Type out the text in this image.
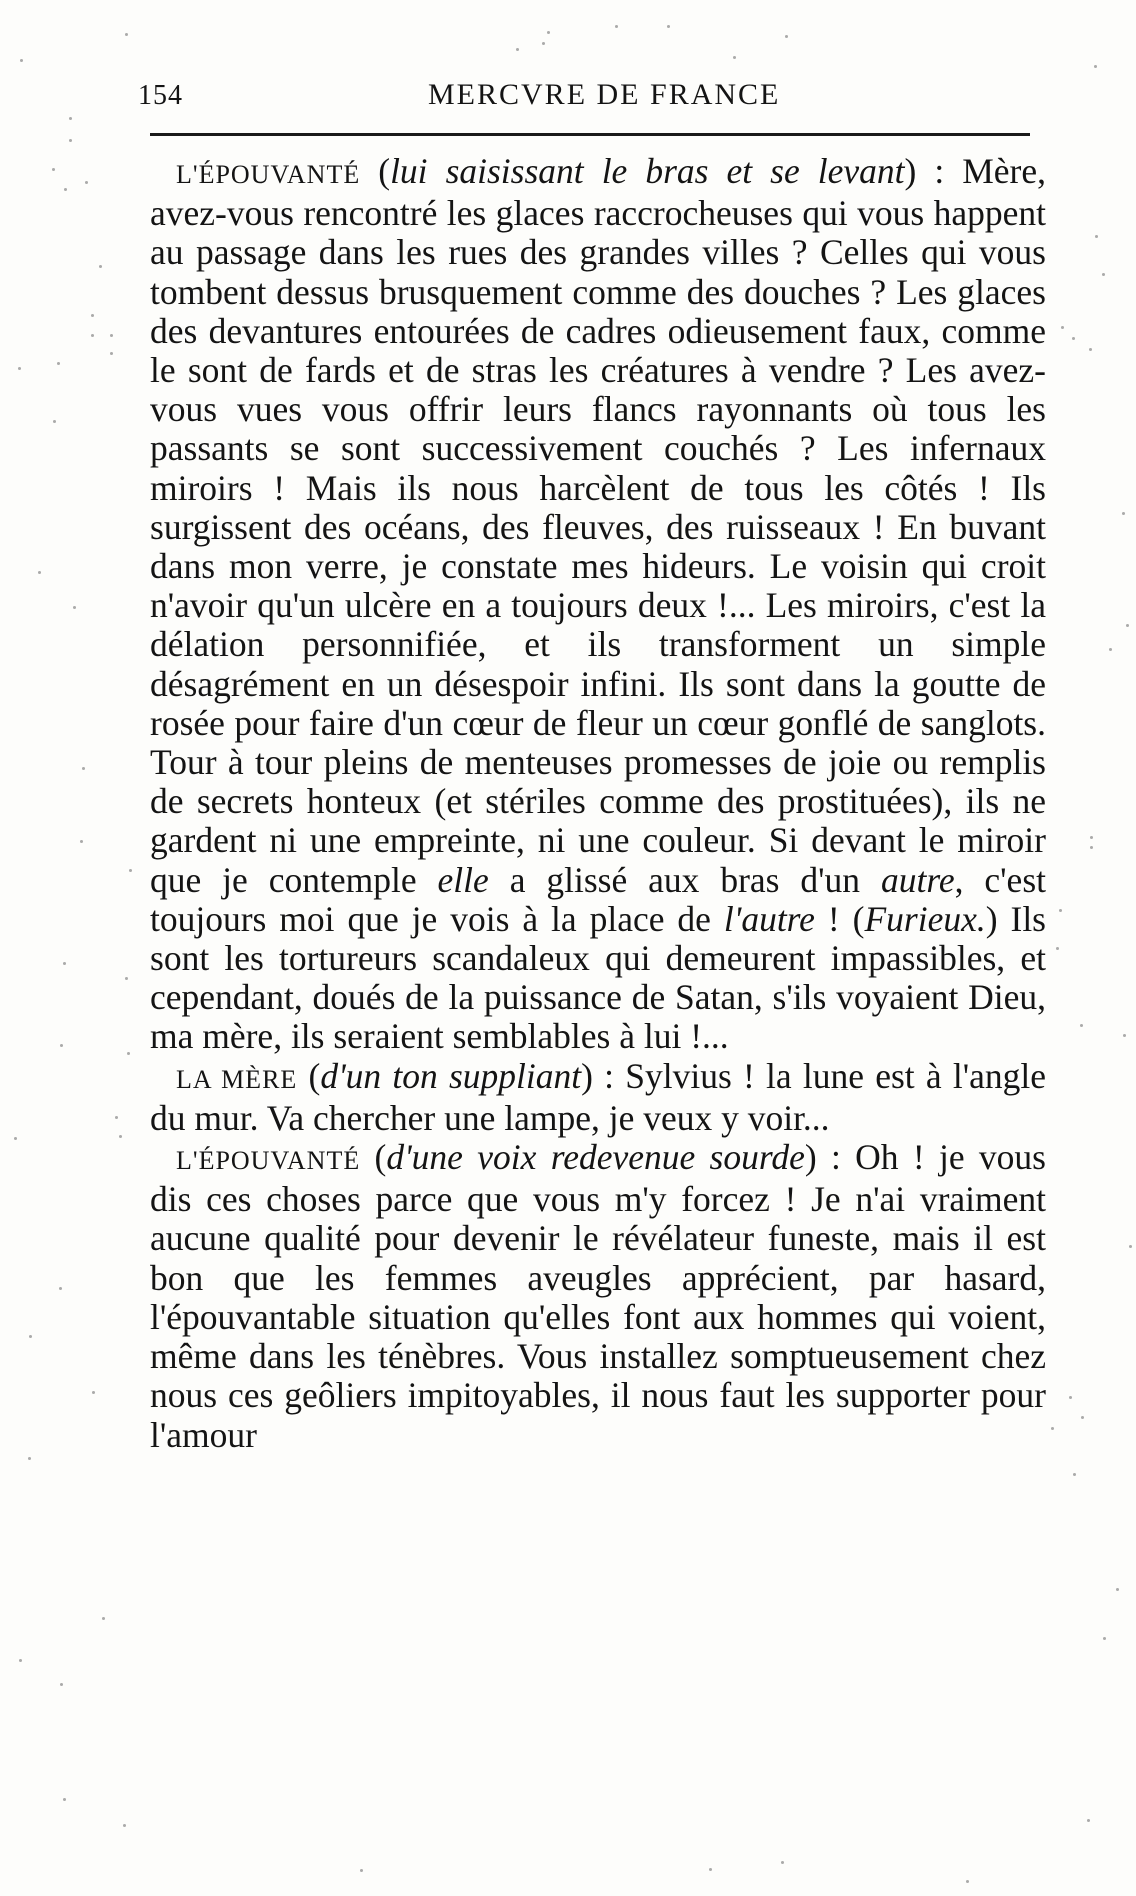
154	MERCVRE DE FRANCE

L'ÉPOUVANTÉ (lui saisissant le bras et se levant) : Mère, avez-vous rencontré les glaces raccrocheuses qui vous happent au passage dans les rues des grandes villes ? Celles qui vous tombent dessus brusquement comme des douches ? Les glaces des devantures entourées de cadres odieusement faux, comme le sont de fards et de stras les créatures à vendre ? Les avez-vous vues vous offrir leurs flancs rayonnants où tous les passants se sont successivement couchés ? Les infernaux miroirs ! Mais ils nous harcèlent de tous les côtés ! Ils surgissent des océans, des fleuves, des ruisseaux ! En buvant dans mon verre, je constate mes hideurs. Le voisin qui croit n'avoir qu'un ulcère en a toujours deux !... Les miroirs, c'est la délation personnifiée, et ils transforment un simple désagrément en un désespoir infini. Ils sont dans la goutte de rosée pour faire d'un cœur de fleur un cœur gonflé de sanglots. Tour à tour pleins de menteuses promesses de joie ou remplis de secrets honteux (et stériles comme des prostituées), ils ne gardent ni une empreinte, ni une couleur. Si devant le miroir que je contemple elle a glissé aux bras d'un autre, c'est toujours moi que je vois à la place de l'autre ! (Furieux.) Ils sont les tortureurs scandaleux qui demeurent impassibles, et cependant, doués de la puissance de Satan, s'ils voyaient Dieu, ma mère, ils seraient semblables à lui !...

LA MÈRE (d'un ton suppliant) : Sylvius ! la lune est à l'angle du mur. Va chercher une lampe, je veux y voir...

L'ÉPOUVANTÉ (d'une voix redevenue sourde) : Oh ! je vous dis ces choses parce que vous m'y forcez ! Je n'ai vraiment aucune qualité pour devenir le révélateur funeste, mais il est bon que les femmes aveugles apprécient, par hasard, l'épouvantable situation qu'elles font aux hommes qui voient, même dans les ténèbres. Vous installez somptueusement chez nous ces geôliers impitoyables, il nous faut les supporter pour l'amour
